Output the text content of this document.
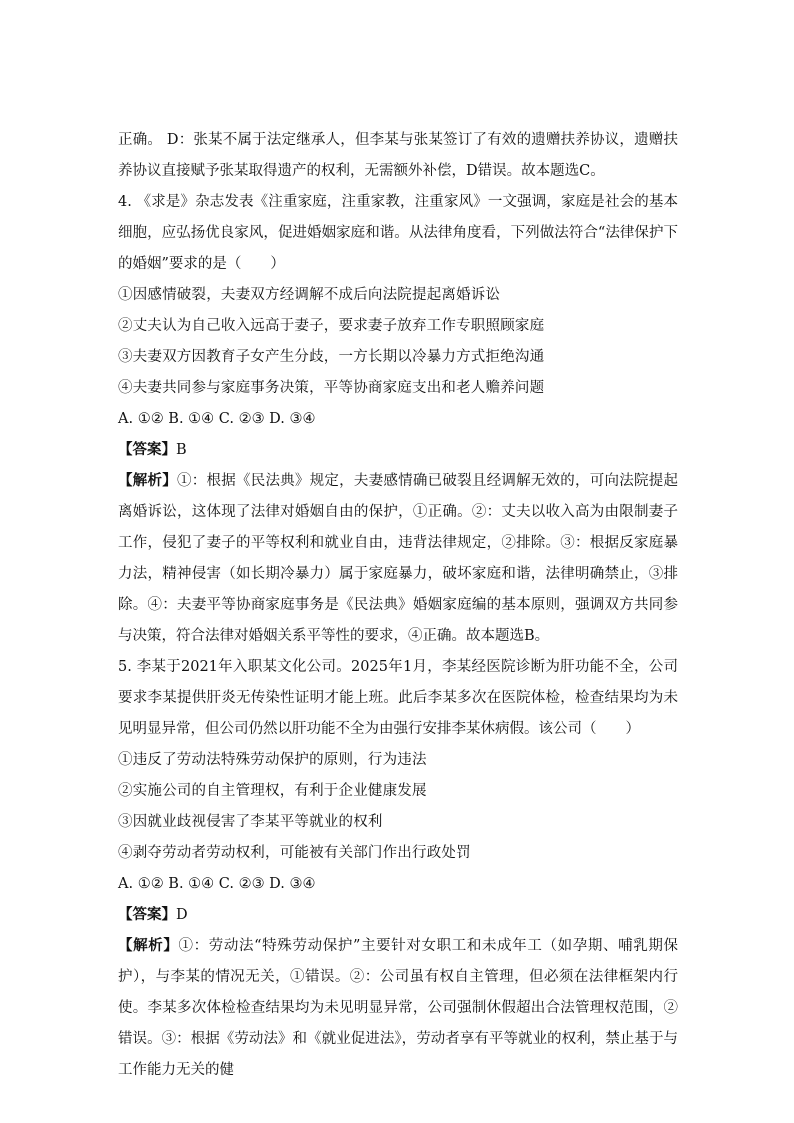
正确。 D：张某不属于法定继承人，但李某与张某签订了有效的遗赠扶养协议，遗赠扶养协议直接赋予张某取得遗产的权利，无需额外补偿，D错误。故本题选C。

4. 《求是》杂志发表《注重家庭，注重家教，注重家风》一文强调，家庭是社会的基本细胞，应弘扬优良家风，促进婚姻家庭和谐。从法律角度看，下列做法符合“法律保护下的婚姻”要求的是（　　）

①因感情破裂，夫妻双方经调解不成后向法院提起离婚诉讼

②丈夫认为自己收入远高于妻子，要求妻子放弃工作专职照顾家庭

③夫妻双方因教育子女产生分歧，一方长期以冷暴力方式拒绝沟通

④夫妻共同参与家庭事务决策，平等协商家庭支出和老人赡养问题

A. ①② B. ①④ C. ②③ D. ③④

【答案】B

【解析】①：根据《民法典》规定，夫妻感情确已破裂且经调解无效的，可向法院提起离婚诉讼，这体现了法律对婚姻自由的保护，①正确。②：丈夫以收入高为由限制妻子工作，侵犯了妻子的平等权利和就业自由，违背法律规定，②排除。③：根据反家庭暴力法，精神侵害（如长期冷暴力）属于家庭暴力，破坏家庭和谐，法律明确禁止，③排除。④：夫妻平等协商家庭事务是《民法典》婚姻家庭编的基本原则，强调双方共同参与决策，符合法律对婚姻关系平等性的要求，④正确。故本题选B。

5. 李某于2021年入职某文化公司。2025年1月，李某经医院诊断为肝功能不全，公司要求李某提供肝炎无传染性证明才能上班。此后李某多次在医院体检，检查结果均为未见明显异常，但公司仍然以肝功能不全为由强行安排李某休病假。该公司（　　）

①违反了劳动法特殊劳动保护的原则，行为违法

②实施公司的自主管理权，有利于企业健康发展

③因就业歧视侵害了李某平等就业的权利

④剥夺劳动者劳动权利，可能被有关部门作出行政处罚

A. ①② B. ①④ C. ②③ D. ③④

【答案】D

【解析】①：劳动法“特殊劳动保护”主要针对女职工和未成年工（如孕期、哺乳期保护），与李某的情况无关，①错误。②：公司虽有权自主管理，但必须在法律框架内行使。李某多次体检检查结果均为未见明显异常，公司强制休假超出合法管理权范围，②错误。③：根据《劳动法》和《就业促进法》，劳动者享有平等就业的权利，禁止基于与工作能力无关的健
